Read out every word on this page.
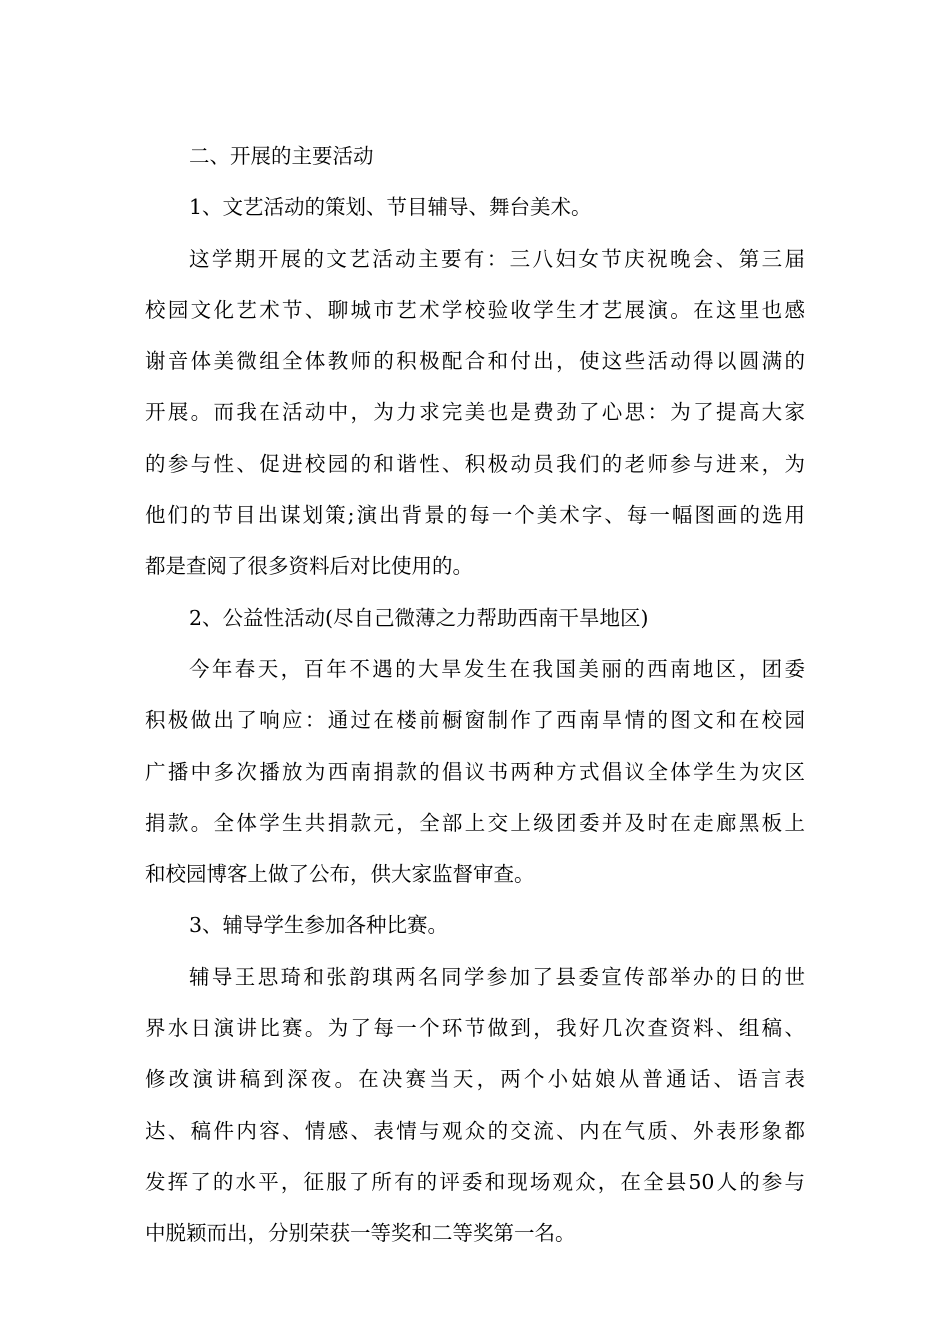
二、开展的主要活动
1、文艺活动的策划、节目辅导、舞台美术。
这学期开展的文艺活动主要有：三八妇女节庆祝晚会、第三届
校园文化艺术节、聊城市艺术学校验收学生才艺展演。在这里也感
谢音体美微组全体教师的积极配合和付出，使这些活动得以圆满的
开展。而我在活动中，为力求完美也是费劲了心思：为了提高大家
的参与性、促进校园的和谐性、积极动员我们的老师参与进来，为
他们的节目出谋划策;演出背景的每一个美术字、每一幅图画的选用
都是查阅了很多资料后对比使用的。
2、公益性活动(尽自己微薄之力帮助西南干旱地区)
今年春天，百年不遇的大旱发生在我国美丽的西南地区，团委
积极做出了响应：通过在楼前橱窗制作了西南旱情的图文和在校园
广播中多次播放为西南捐款的倡议书两种方式倡议全体学生为灾区
捐款。全体学生共捐款元，全部上交上级团委并及时在走廊黑板上
和校园博客上做了公布，供大家监督审查。
3、辅导学生参加各种比赛。
辅导王思琦和张韵琪两名同学参加了县委宣传部举办的日的世
界水日演讲比赛。为了每一个环节做到，我好几次查资料、组稿、
修改演讲稿到深夜。在决赛当天，两个小姑娘从普通话、语言表
达、稿件内容、情感、表情与观众的交流、内在气质、外表形象都
发挥了的水平，征服了所有的评委和现场观众，在全县50人的参与
中脱颖而出，分别荣获一等奖和二等奖第一名。
